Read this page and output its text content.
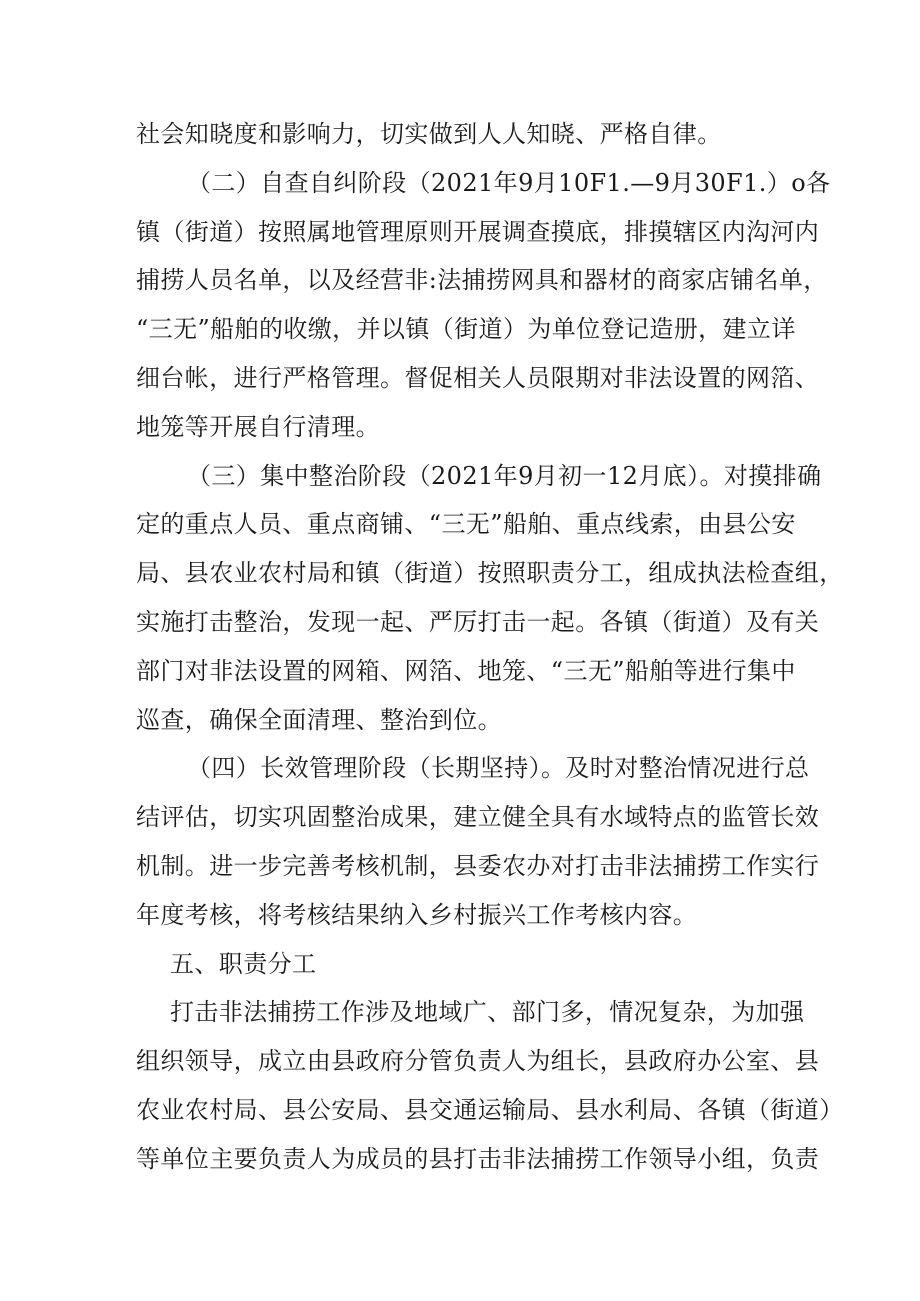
社会知晓度和影响力，切实做到人人知晓、严格自律。
（二）自查自纠阶段（2021年9月10F1.—9月30F1.）o各
镇（街道）按照属地管理原则开展调查摸底，排摸辖区内沟河内
捕捞人员名单，以及经营非:法捕捞网具和器材的商家店铺名单，
“三无”船舶的收缴，并以镇（街道）为单位登记造册，建立详
细台帐，进行严格管理。督促相关人员限期对非法设置的网箔、
地笼等开展自行清理。
（三）集中整治阶段（2021年9月初一12月底）。对摸排确
定的重点人员、重点商铺、“三无”船舶、重点线索，由县公安
局、县农业农村局和镇（街道）按照职责分工，组成执法检查组，
实施打击整治，发现一起、严厉打击一起。各镇（街道）及有关
部门对非法设置的网箱、网箔、地笼、“三无”船舶等进行集中
巡查，确保全面清理、整治到位。
（四）长效管理阶段（长期坚持）。及时对整治情况进行总
结评估，切实巩固整治成果，建立健全具有水域特点的监管长效
机制。进一步完善考核机制，县委农办对打击非法捕捞工作实行
年度考核，将考核结果纳入乡村振兴工作考核内容。
五、职责分工
打击非法捕捞工作涉及地域广、部门多，情况复杂，为加强
组织领导，成立由县政府分管负责人为组长，县政府办公室、县
农业农村局、县公安局、县交通运输局、县水利局、各镇（街道）
等单位主要负责人为成员的县打击非法捕捞工作领导小组，负责
